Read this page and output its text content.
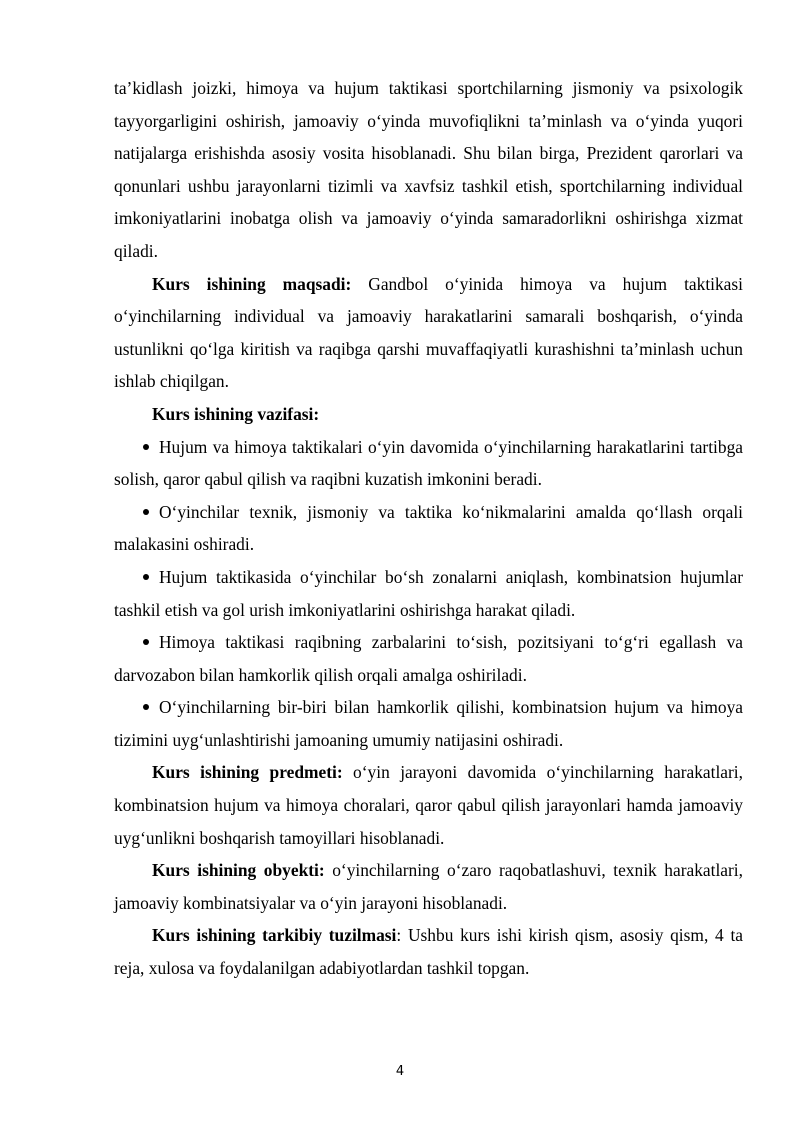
ta’kidlash joizki, himoya va hujum taktikasi sportchilarning jismoniy va psixologik tayyorgarligini oshirish, jamoaviy o‘yinda muvofiqlikni ta’minlash va o‘yinda yuqori natijalarga erishishda asosiy vosita hisoblanadi. Shu bilan birga, Prezident qarorlari va qonunlari ushbu jarayonlarni tizimli va xavfsiz tashkil etish, sportchilarning individual imkoniyatlarini inobatga olish va jamoaviy o‘yinda samaradorlikni oshirishga xizmat qiladi.

Kurs ishining maqsadi: Gandbol o‘yinida himoya va hujum taktikasi o‘yinchilarning individual va jamoaviy harakatlarini samarali boshqarish, o‘yinda ustunlikni qo‘lga kiritish va raqibga qarshi muvaffaqiyatli kurashishni ta’minlash uchun ishlab chiqilgan.

Kurs ishining vazifasi:

Hujum va himoya taktikalari o‘yin davomida o‘yinchilarning harakatlarini tartibga solish, qaror qabul qilish va raqibni kuzatish imkonini beradi.

O‘yinchilar texnik, jismoniy va taktika ko‘nikmalarini amalda qo‘llash orqali malakasini oshiradi.

Hujum taktikasida o‘yinchilar bo‘sh zonalarni aniqlash, kombinatsion hujumlar tashkil etish va gol urish imkoniyatlarini oshirishga harakat qiladi.

Himoya taktikasi raqibning zarbalarini to‘sish, pozitsiyani to‘g‘ri egallash va darvozabon bilan hamkorlik qilish orqali amalga oshiriladi.

O‘yinchilarning bir-biri bilan hamkorlik qilishi, kombinatsion hujum va himoya tizimini uyg‘unlashtirishi jamoaning umumiy natijasini oshiradi.

Kurs ishining predmeti: o‘yin jarayoni davomida o‘yinchilarning harakatlari, kombinatsion hujum va himoya choralari, qaror qabul qilish jarayonlari hamda jamoaviy uyg‘unlikni boshqarish tamoyillari hisoblanadi.

Kurs ishining obyekti: o‘yinchilarning o‘zaro raqobatlashuvi, texnik harakatlari, jamoaviy kombinatsiyalar va o‘yin jarayoni hisoblanadi.

Kurs ishining tarkibiy tuzilmasi: Ushbu kurs ishi kirish qism, asosiy qism, 4 ta reja, xulosa va foydalanilgan adabiyotlardan tashkil topgan.

4
